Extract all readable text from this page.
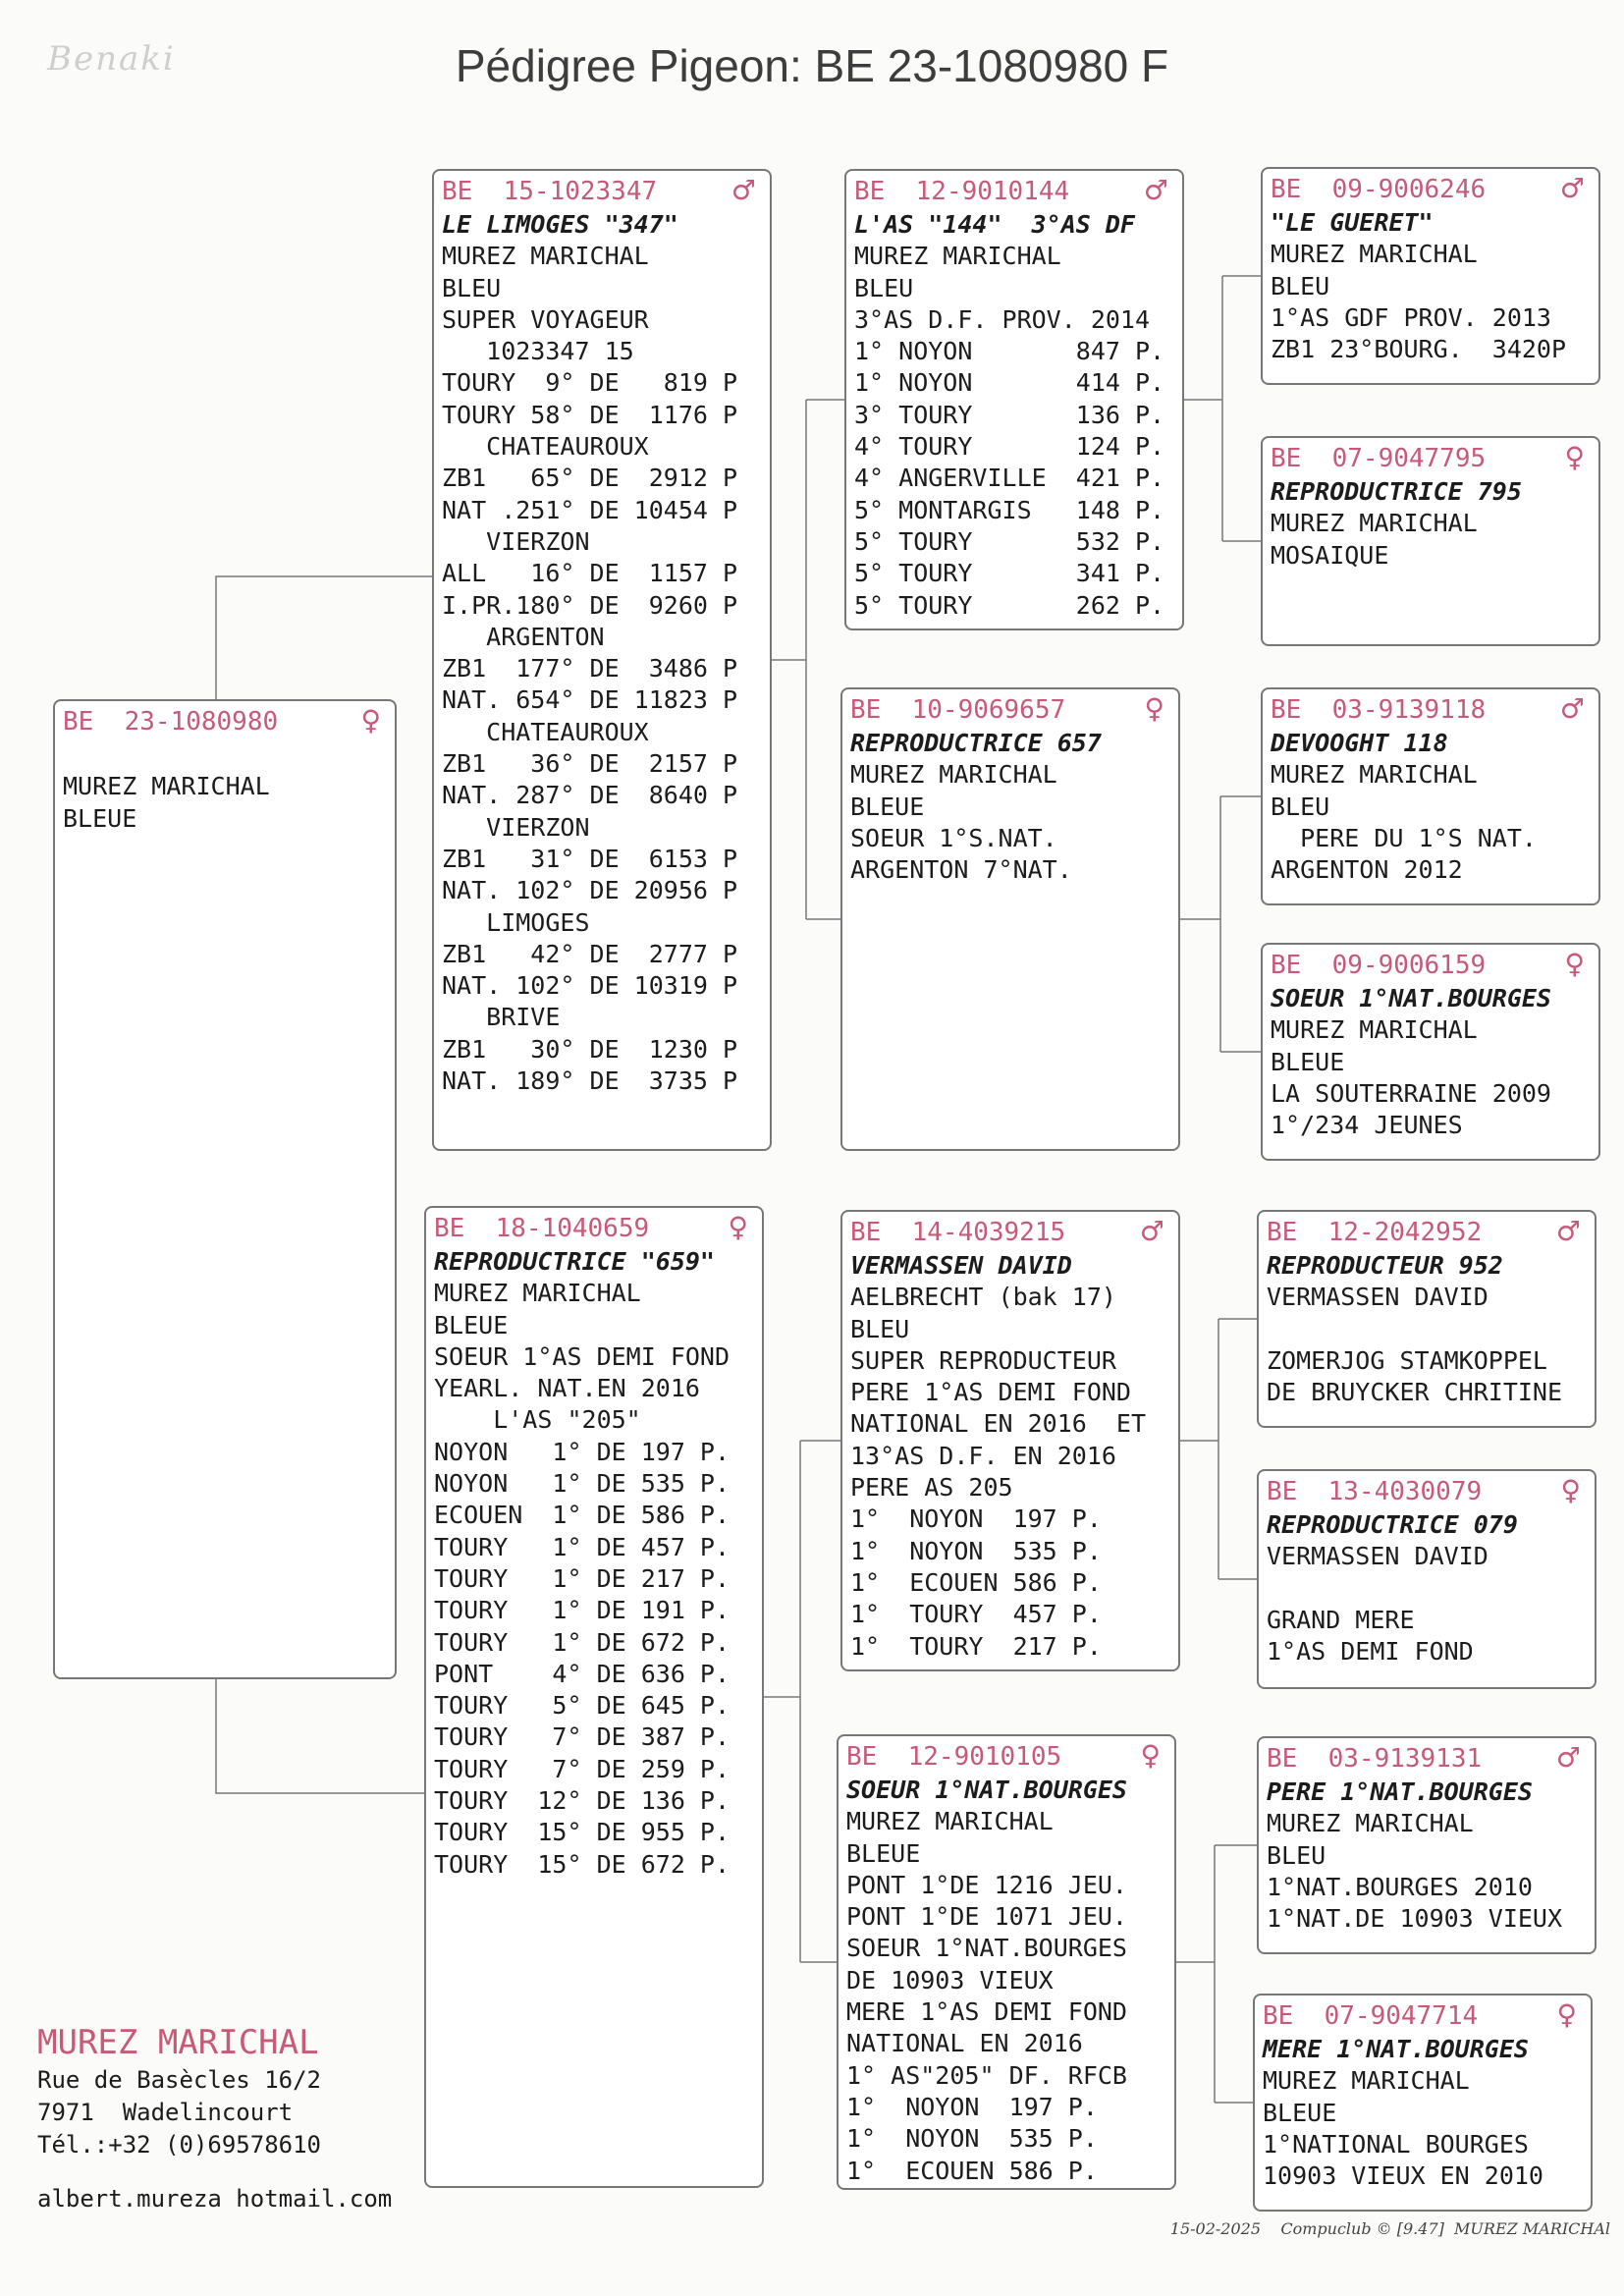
Benaki	Pédigree Pigeon: BE 23-1080980 F
BE  23-1080980	♀
MUREZ MARICHAL
BLEUE
BE  15-1023347	♂
LE LIMOGES "347"
MUREZ MARICHAL
BLEU
SUPER VOYAGEUR
1023347 15
TOURY  9° DE   819 P
TOURY 58° DE  1176 P
CHATEAUROUX
ZB1   65° DE  2912 P
NAT .251° DE 10454 P
VIERZON
ALL   16° DE  1157 P
I.PR.180° DE  9260 P
ARGENTON
ZB1  177° DE  3486 P
NAT. 654° DE 11823 P
CHATEAUROUX
ZB1   36° DE  2157 P
NAT. 287° DE  8640 P
VIERZON
ZB1   31° DE  6153 P
NAT. 102° DE 20956 P
LIMOGES
ZB1   42° DE  2777 P
NAT. 102° DE 10319 P
BRIVE
ZB1   30° DE  1230 P
NAT. 189° DE  3735 P
BE  18-1040659	♀
REPRODUCTRICE "659"
MUREZ MARICHAL
BLEUE
SOEUR 1°AS DEMI FOND
YEARL. NAT.EN 2016
L'AS "205"
NOYON   1° DE 197 P.
NOYON   1° DE 535 P.
ECOUEN  1° DE 586 P.
TOURY   1° DE 457 P.
TOURY   1° DE 217 P.
TOURY   1° DE 191 P.
TOURY   1° DE 672 P.
PONT    4° DE 636 P.
TOURY   5° DE 645 P.
TOURY   7° DE 387 P.
TOURY   7° DE 259 P.
TOURY  12° DE 136 P.
TOURY  15° DE 955 P.
TOURY  15° DE 672 P.
BE  12-9010144	♂
L'AS "144"  3°AS DF
MUREZ MARICHAL
BLEU
3°AS D.F. PROV. 2014
1° NOYON       847 P.
1° NOYON       414 P.
3° TOURY       136 P.
4° TOURY       124 P.
4° ANGERVILLE  421 P.
5° MONTARGIS   148 P.
5° TOURY       532 P.
5° TOURY       341 P.
5° TOURY       262 P.
BE  10-9069657	♀
REPRODUCTRICE 657
MUREZ MARICHAL
BLEUE
SOEUR 1°S.NAT.
ARGENTON 7°NAT.
BE  14-4039215	♂
VERMASSEN DAVID
AELBRECHT (bak 17)
BLEU
SUPER REPRODUCTEUR
PERE 1°AS DEMI FOND
NATIONAL EN 2016  ET
13°AS D.F. EN 2016
PERE AS 205
1°  NOYON  197 P.
1°  NOYON  535 P.
1°  ECOUEN 586 P.
1°  TOURY  457 P.
1°  TOURY  217 P.
BE  12-9010105	♀
SOEUR 1°NAT.BOURGES
MUREZ MARICHAL
BLEUE
PONT 1°DE 1216 JEU.
PONT 1°DE 1071 JEU.
SOEUR 1°NAT.BOURGES
DE 10903 VIEUX
MERE 1°AS DEMI FOND
NATIONAL EN 2016
1° AS"205" DF. RFCB
1°  NOYON  197 P.
1°  NOYON  535 P.
1°  ECOUEN 586 P.
BE  09-9006246	♂
"LE GUERET"
MUREZ MARICHAL
BLEU
1°AS GDF PROV. 2013
ZB1 23°BOURG.  3420P
BE  07-9047795	♀
REPRODUCTRICE 795
MUREZ MARICHAL
MOSAIQUE
BE  03-9139118	♂
DEVOOGHT 118
MUREZ MARICHAL
BLEU
PERE DU 1°S NAT.
ARGENTON 2012
BE  09-9006159	♀
SOEUR 1°NAT.BOURGES
MUREZ MARICHAL
BLEUE
LA SOUTERRAINE 2009
1°/234 JEUNES
BE  12-2042952	♂
REPRODUCTEUR 952
VERMASSEN DAVID
ZOMERJOG STAMKOPPEL
DE BRUYCKER CHRITINE
BE  13-4030079	♀
REPRODUCTRICE 079
VERMASSEN DAVID
GRAND MERE
1°AS DEMI FOND
BE  03-9139131	♂
PERE 1°NAT.BOURGES
MUREZ MARICHAL
BLEU
1°NAT.BOURGES 2010
1°NAT.DE 10903 VIEUX
BE  07-9047714	♀
MERE 1°NAT.BOURGES
MUREZ MARICHAL
BLEUE
1°NATIONAL BOURGES
10903 VIEUX EN 2010
MUREZ MARICHAL
Rue de Basècles 16/2
7971  Wadelincourt
Tél.:+32 (0)69578610
albert.mureza hotmail.com
15-02-2025 Compuclub © [9.47] MUREZ MARICHAl
